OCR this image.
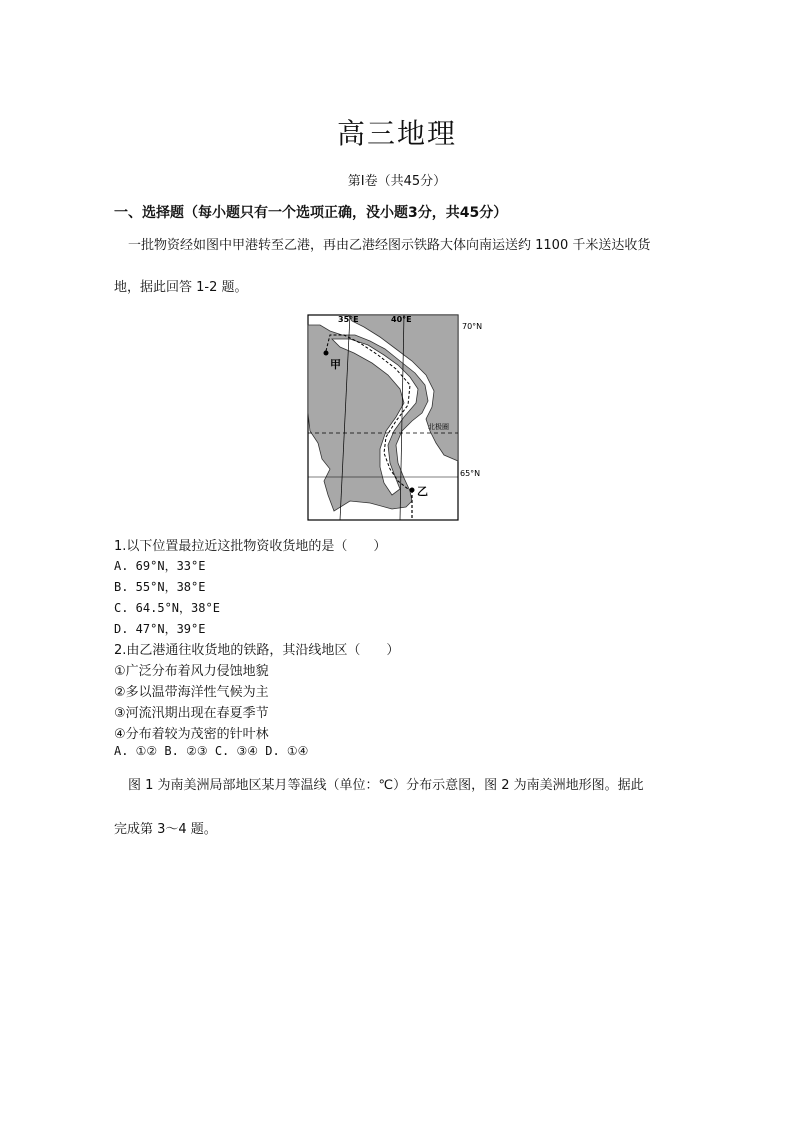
高三地理
第Ⅰ卷（共45分）
一、选择题（每小题只有一个选项正确，没小题3分，共45分）
一批物资经如图中甲港转至乙港，再由乙港经图示铁路大体向南运送约 1100 千米送达收货
地，据此回答 1-2 题。
35°E	40°E
70°N
65°N
北极圈
甲
乙
1.以下位置最拉近这批物资收货地的是（　　）
A. 69°N，33°E
B. 55°N，38°E
C. 64.5°N，38°E
D. 47°N，39°E
2.由乙港通往收货地的铁路，其沿线地区（　　）
①广泛分布着风力侵蚀地貌
②多以温带海洋性气候为主
③河流汛期出现在春夏季节
④分布着较为茂密的针叶林
A. ①② B. ②③ C. ③④ D. ①④
图 1 为南美洲局部地区某月等温线（单位：℃）分布示意图，图 2 为南美洲地形图。据此
完成第 3～4 题。
